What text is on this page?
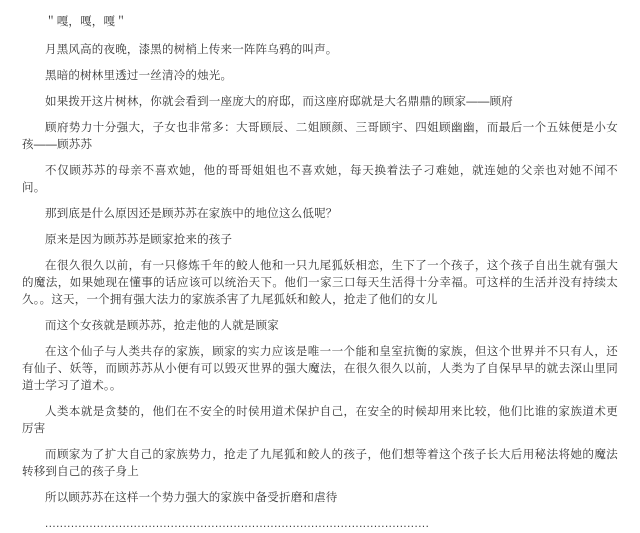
＂嘎，嘎，嘎＂

月黑风高的夜晚，漆黑的树梢上传来一阵阵乌鸦的叫声。

黑暗的树林里透过一丝清冷的烛光。

如果拨开这片树林，你就会看到一座庞大的府邸，而这座府邸就是大名鼎鼎的顾家——顾府

顾府势力十分强大，子女也非常多：大哥顾辰、二姐顾颜、三哥顾宇、四姐顾幽幽，而最后一个五妹便是小女孩——顾苏苏

不仅顾苏苏的母亲不喜欢她，他的哥哥姐姐也不喜欢她，每天换着法子刁难她，就连她的父亲也对她不闻不问。

那到底是什么原因还是顾苏苏在家族中的地位这么低呢？

原来是因为顾苏苏是顾家抢来的孩子

在很久很久以前，有一只修炼千年的鲛人他和一只九尾狐妖相恋，生下了一个孩子，这个孩子自出生就有强大的魔法，如果她现在懂事的话应该可以统治天下。他们一家三口每天生活得十分幸福。可这样的生活并没有持续太久。。这天，一个拥有强大法力的家族杀害了九尾狐妖和鲛人，抢走了他们的女儿

而这个女孩就是顾苏苏，抢走他的人就是顾家

在这个仙子与人类共存的家族，顾家的实力应该是唯一一个能和皇室抗衡的家族，但这个世界并不只有人，还有仙子、妖等，而顾苏苏从小便有可以毁灭世界的强大魔法，在很久很久以前，人类为了自保早早的就去深山里同道士学习了道术。。

人类本就是贪婪的，他们在不安全的时侯用道术保护自己，在安全的时候却用来比较，他们比谁的家族道术更厉害

而顾家为了扩大自己的家族势力，抢走了九尾狐和鲛人的孩子，他们想等着这个孩子长大后用秘法将她的魔法转移到自己的孩子身上

所以顾苏苏在这样一个势力强大的家族中备受折磨和虐待

........................................................................................................
